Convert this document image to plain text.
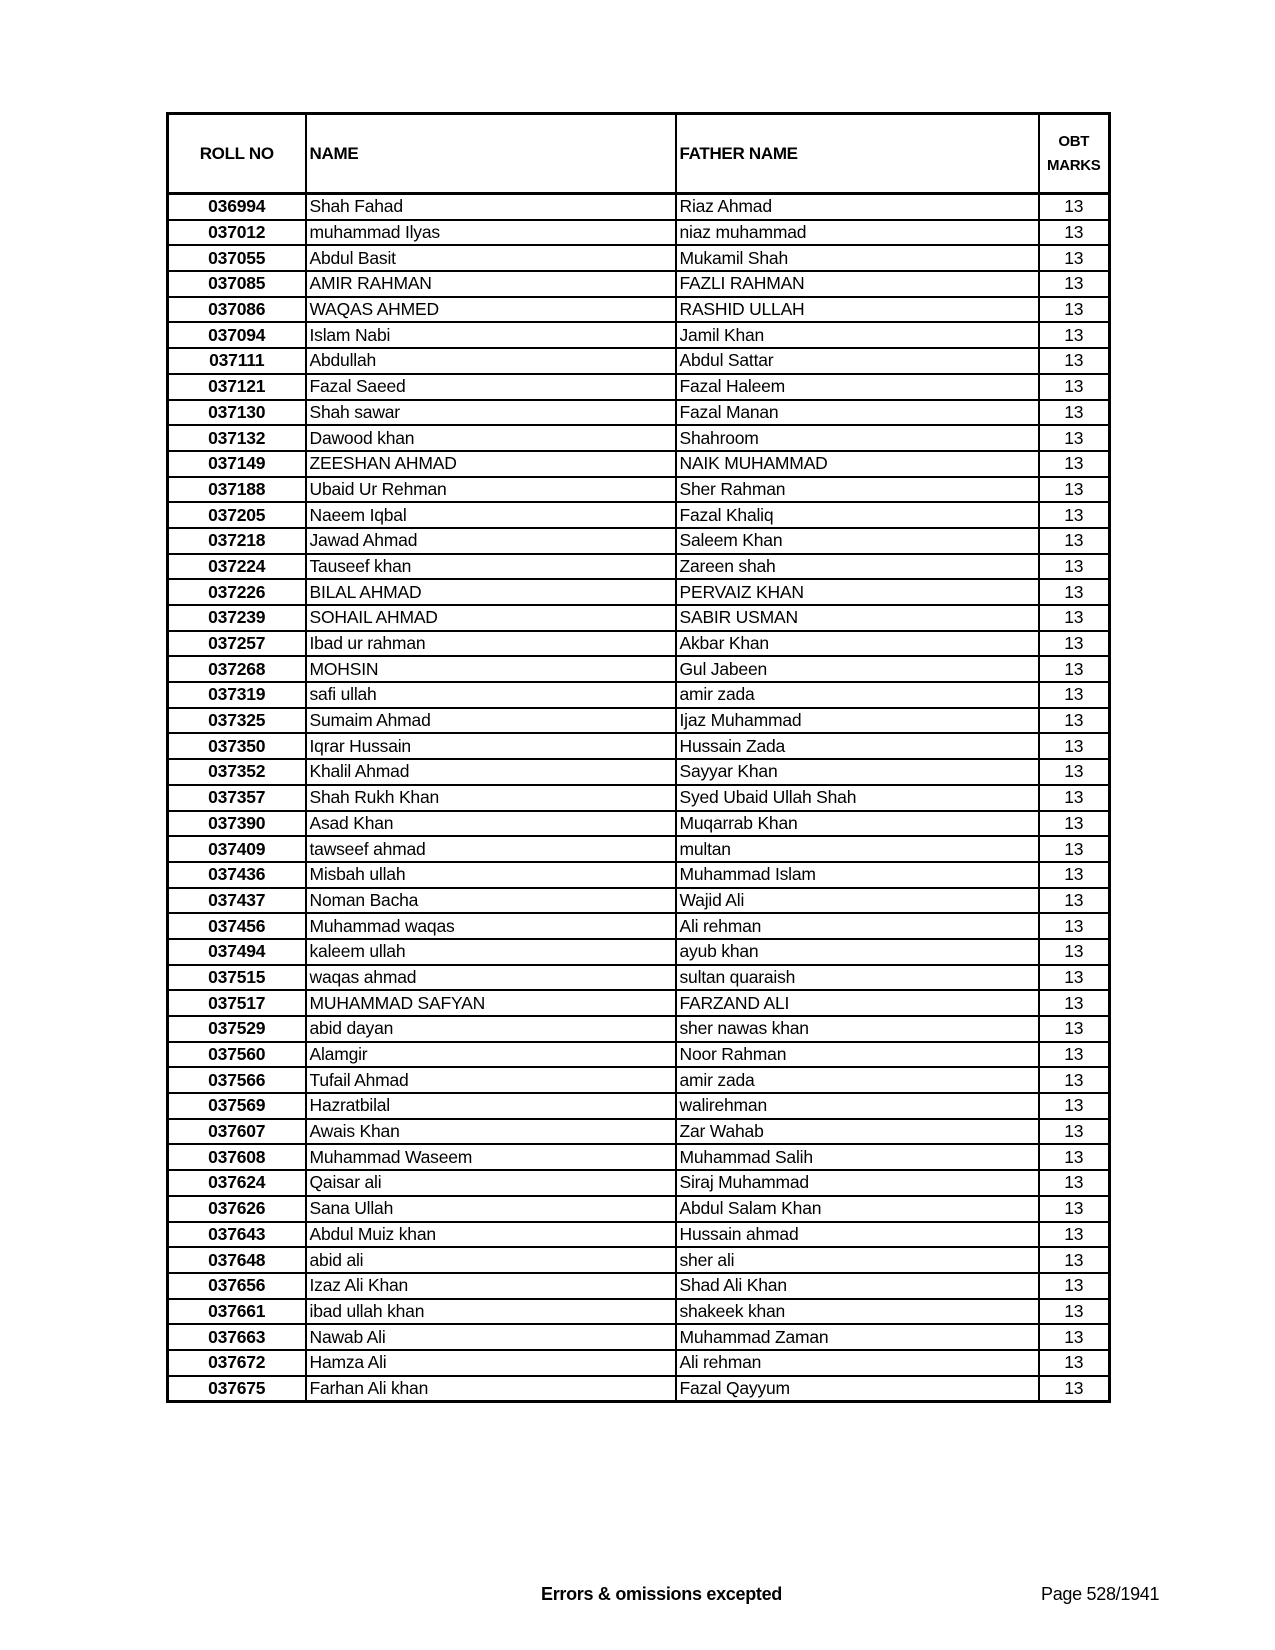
ROLL NO	NAME	FATHER NAME	OBT
MARKS
036994	Shah Fahad	Riaz Ahmad	13
037012	muhammad Ilyas	niaz muhammad	13
037055	Abdul Basit	Mukamil Shah	13
037085	AMIR RAHMAN	FAZLI RAHMAN	13
037086	WAQAS AHMED	RASHID ULLAH	13
037094	Islam Nabi	Jamil Khan	13
037111	Abdullah	Abdul Sattar	13
037121	Fazal Saeed	Fazal Haleem	13
037130	Shah sawar	Fazal Manan	13
037132	Dawood khan	Shahroom	13
037149	ZEESHAN AHMAD	NAIK MUHAMMAD	13
037188	Ubaid Ur Rehman	Sher Rahman	13
037205	Naeem Iqbal	Fazal Khaliq	13
037218	Jawad Ahmad	Saleem Khan	13
037224	Tauseef khan	Zareen shah	13
037226	BILAL AHMAD	PERVAIZ KHAN	13
037239	SOHAIL AHMAD	SABIR USMAN	13
037257	Ibad ur rahman	Akbar Khan	13
037268	MOHSIN	Gul Jabeen	13
037319	safi ullah	amir zada	13
037325	Sumaim Ahmad	Ijaz Muhammad	13
037350	Iqrar Hussain	Hussain Zada	13
037352	Khalil Ahmad	Sayyar Khan	13
037357	Shah Rukh Khan	Syed Ubaid Ullah Shah	13
037390	Asad Khan	Muqarrab Khan	13
037409	tawseef ahmad	multan	13
037436	Misbah ullah	Muhammad Islam	13
037437	Noman Bacha	Wajid Ali	13
037456	Muhammad waqas	Ali rehman	13
037494	kaleem ullah	ayub khan	13
037515	waqas ahmad	sultan quaraish	13
037517	MUHAMMAD SAFYAN	FARZAND ALI	13
037529	abid dayan	sher nawas khan	13
037560	Alamgir	Noor Rahman	13
037566	Tufail Ahmad	amir zada	13
037569	Hazratbilal	walirehman	13
037607	Awais Khan	Zar Wahab	13
037608	Muhammad Waseem	Muhammad Salih	13
037624	Qaisar ali	Siraj Muhammad	13
037626	Sana Ullah	Abdul Salam Khan	13
037643	Abdul Muiz khan	Hussain ahmad	13
037648	abid ali	sher ali	13
037656	Izaz Ali Khan	Shad Ali Khan	13
037661	ibad ullah khan	shakeek khan	13
037663	Nawab Ali	Muhammad Zaman	13
037672	Hamza Ali	Ali rehman	13
037675	Farhan Ali khan	Fazal Qayyum	13
Errors & omissions excepted	Page 528/1941
